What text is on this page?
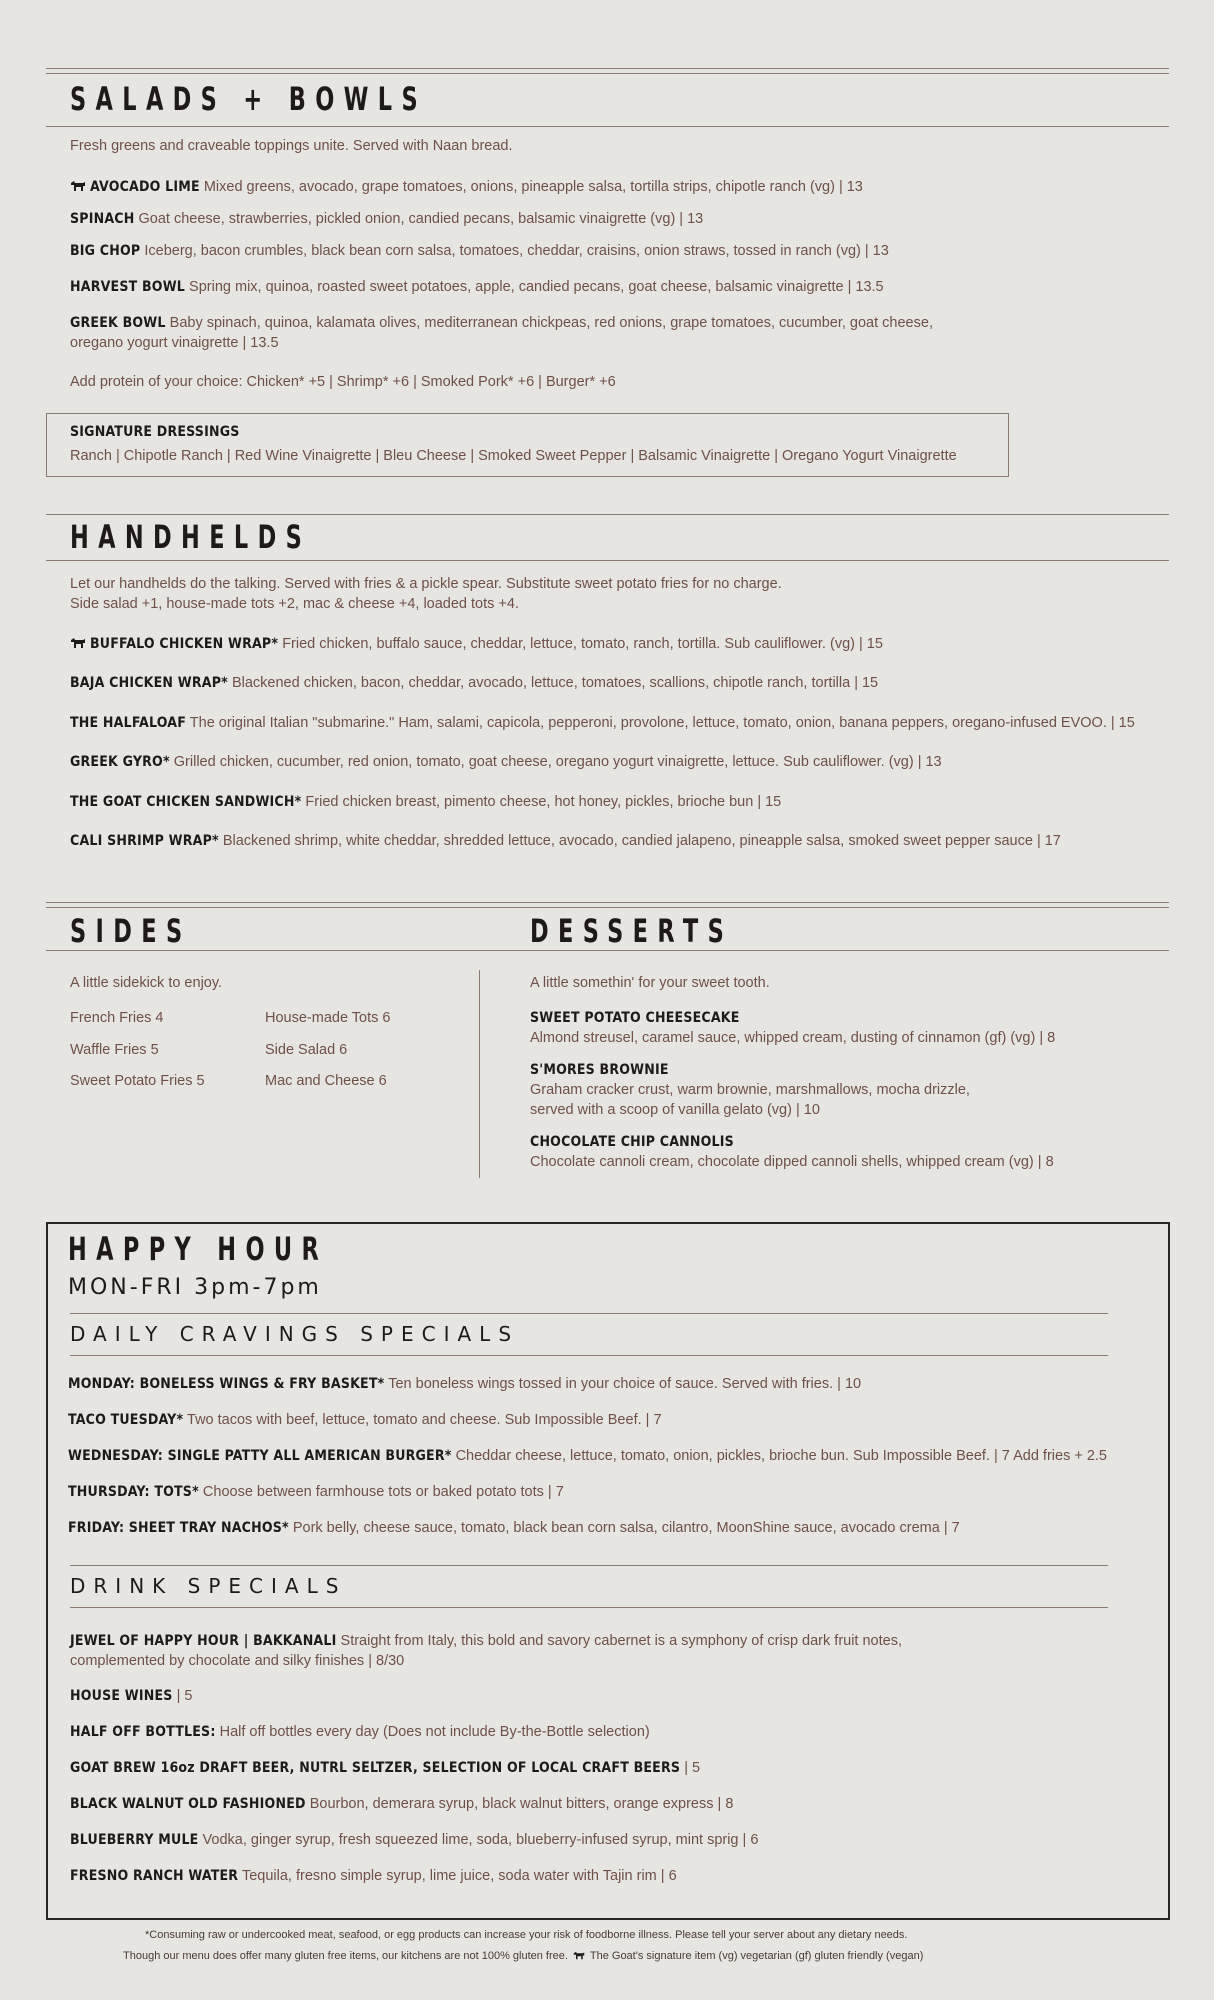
SALADS + BOWLS
Fresh greens and craveable toppings unite. Served with Naan bread.
AVOCADO LIME Mixed greens, avocado, grape tomatoes, onions, pineapple salsa, tortilla strips, chipotle ranch (vg) | 13
SPINACH Goat cheese, strawberries, pickled onion, candied pecans, balsamic vinaigrette (vg) | 13
BIG CHOP Iceberg, bacon crumbles, black bean corn salsa, tomatoes, cheddar, craisins, onion straws, tossed in ranch (vg) | 13
HARVEST BOWL Spring mix, quinoa, roasted sweet potatoes, apple, candied pecans, goat cheese, balsamic vinaigrette | 13.5
GREEK BOWL Baby spinach, quinoa, kalamata olives, mediterranean chickpeas, red onions, grape tomatoes, cucumber, goat cheese,
oregano yogurt vinaigrette | 13.5
Add protein of your choice: Chicken* +5 | Shrimp* +6 | Smoked Pork* +6 | Burger* +6
SIGNATURE DRESSINGS
Ranch | Chipotle Ranch | Red Wine Vinaigrette | Bleu Cheese | Smoked Sweet Pepper | Balsamic Vinaigrette | Oregano Yogurt Vinaigrette
HANDHELDS
Let our handhelds do the talking. Served with fries & a pickle spear. Substitute sweet potato fries for no charge.
Side salad +1, house-made tots +2, mac & cheese +4, loaded tots +4.
BUFFALO CHICKEN WRAP* Fried chicken, buffalo sauce, cheddar, lettuce, tomato, ranch, tortilla. Sub cauliflower. (vg) | 15
BAJA CHICKEN WRAP* Blackened chicken, bacon, cheddar, avocado, lettuce, tomatoes, scallions, chipotle ranch, tortilla | 15
THE HALFALOAF The original Italian "submarine." Ham, salami, capicola, pepperoni, provolone, lettuce, tomato, onion, banana peppers, oregano-infused EVOO. | 15
GREEK GYRO* Grilled chicken, cucumber, red onion, tomato, goat cheese, oregano yogurt vinaigrette, lettuce. Sub cauliflower. (vg) | 13
THE GOAT CHICKEN SANDWICH* Fried chicken breast, pimento cheese, hot honey, pickles, brioche bun | 15
CALI SHRIMP WRAP* Blackened shrimp, white cheddar, shredded lettuce, avocado, candied jalapeno, pineapple salsa, smoked sweet pepper sauce | 17
SIDES	DESSERTS
A little sidekick to enjoy.
French Fries 4
Waffle Fries 5
Sweet Potato Fries 5
House-made Tots 6
Side Salad 6
Mac and Cheese 6
A little somethin' for your sweet tooth.
SWEET POTATO CHEESECAKE
Almond streusel, caramel sauce, whipped cream, dusting of cinnamon (gf) (vg) | 8
S'MORES BROWNIE
Graham cracker crust, warm brownie, marshmallows, mocha drizzle,
served with a scoop of vanilla gelato (vg) | 10
CHOCOLATE CHIP CANNOLIS
Chocolate cannoli cream, chocolate dipped cannoli shells, whipped cream (vg) | 8
HAPPY HOUR
MON-FRI 3pm-7pm
DAILY CRAVINGS SPECIALS
MONDAY: BONELESS WINGS & FRY BASKET* Ten boneless wings tossed in your choice of sauce. Served with fries. | 10
TACO TUESDAY* Two tacos with beef, lettuce, tomato and cheese. Sub Impossible Beef. | 7
WEDNESDAY: SINGLE PATTY ALL AMERICAN BURGER* Cheddar cheese, lettuce, tomato, onion, pickles, brioche bun. Sub Impossible Beef. | 7 Add fries + 2.5
THURSDAY: TOTS* Choose between farmhouse tots or baked potato tots | 7
FRIDAY: SHEET TRAY NACHOS* Pork belly, cheese sauce, tomato, black bean corn salsa, cilantro, MoonShine sauce, avocado crema | 7
DRINK SPECIALS
JEWEL OF HAPPY HOUR | BAKKANALI Straight from Italy, this bold and savory cabernet is a symphony of crisp dark fruit notes,
complemented by chocolate and silky finishes | 8/30
HOUSE WINES | 5
HALF OFF BOTTLES: Half off bottles every day (Does not include By-the-Bottle selection)
GOAT BREW 16oz DRAFT BEER, NUTRL SELTZER, SELECTION OF LOCAL CRAFT BEERS | 5
BLACK WALNUT OLD FASHIONED Bourbon, demerara syrup, black walnut bitters, orange express | 8
BLUEBERRY MULE Vodka, ginger syrup, fresh squeezed lime, soda, blueberry-infused syrup, mint sprig | 6
FRESNO RANCH WATER Tequila, fresno simple syrup, lime juice, soda water with Tajin rim | 6
*Consuming raw or undercooked meat, seafood, or egg products can increase your risk of foodborne illness. Please tell your server about any dietary needs.
Though our menu does offer many gluten free items, our kitchens are not 100% gluten free. The Goat's signature item (vg) vegetarian (gf) gluten friendly (vegan)
